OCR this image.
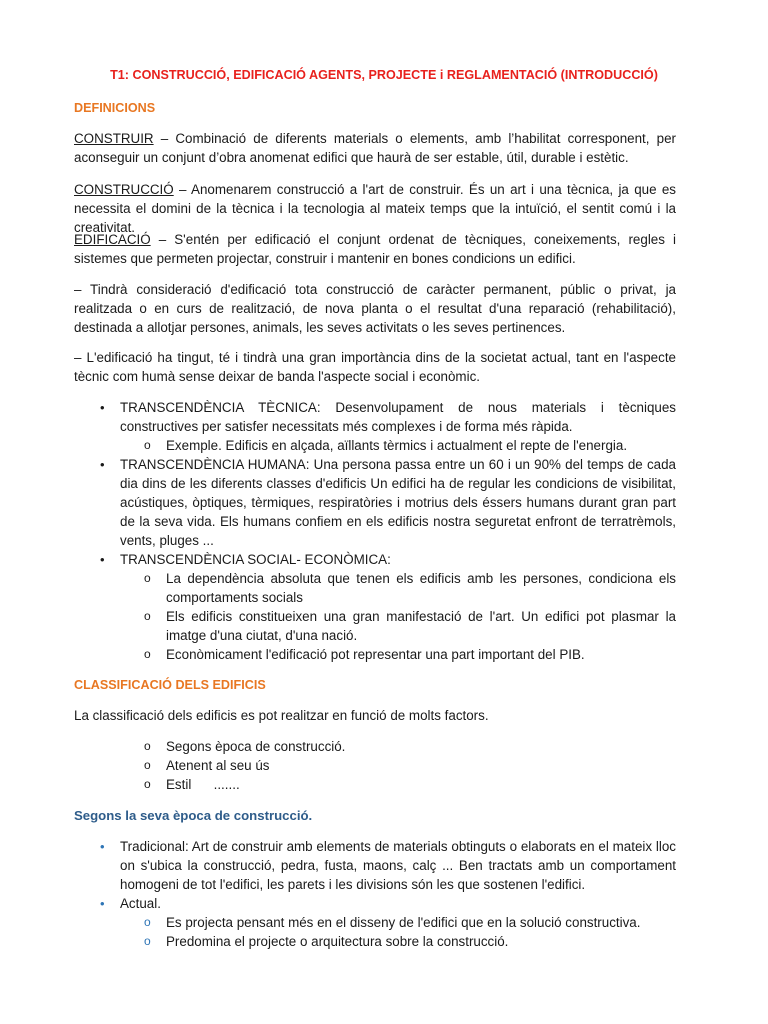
T1: CONSTRUCCIÓ, EDIFICACIÓ AGENTS, PROJECTE i REGLAMENTACIÓ (INTRODUCCIÓ)
DEFINICIONS
CONSTRUIR – Combinació de diferents materials o elements, amb l’habilitat corresponent, per aconseguir un conjunt d’obra anomenat edifici que haurà de ser estable, útil, durable i estètic.
CONSTRUCCIÓ – Anomenarem construcció a l'art de construir. És un art i una tècnica, ja que es necessita el domini de la tècnica i la tecnologia al mateix temps que la intuïció, el sentit comú i la creativitat.
EDIFICACIÓ – S'entén per edificació el conjunt ordenat de tècniques, coneixements, regles i sistemes que permeten projectar, construir i mantenir en bones condicions un edifici.
– Tindrà consideració d'edificació tota construcció de caràcter permanent, públic o privat, ja realitzada o en curs de realització, de nova planta o el resultat d'una reparació (rehabilitació), destinada a allotjar persones, animals, les seves activitats o les seves pertinences.
– L'edificació ha tingut, té i tindrà una gran importància dins de la societat actual, tant en l'aspecte tècnic com humà sense deixar de banda l'aspecte social i econòmic.
• TRANSCENDÈNCIA TÈCNICA: Desenvolupament de nous materials i tècniques constructives per satisfer necessitats més complexes i de forma més ràpida.
o Exemple. Edificis en alçada, aïllants tèrmics i actualment el repte de l'energia.
• TRANSCENDÈNCIA HUMANA: Una persona passa entre un 60 i un 90% del temps de cada dia dins de les diferents classes d'edificis Un edifici ha de regular les condicions de visibilitat, acústiques, òptiques, tèrmiques, respiratòries i motrius dels éssers humans durant gran part de la seva vida. Els humans confiem en els edificis nostra seguretat enfront de terratrèmols, vents, pluges ...
• TRANSCENDÈNCIA SOCIAL- ECONÒMICA:
o La dependència absoluta que tenen els edificis amb les persones, condiciona els comportaments socials
o Els edificis constitueixen una gran manifestació de l'art. Un edifici pot plasmar la imatge d'una ciutat, d'una nació.
o Econòmicament l'edificació pot representar una part important del PIB.
CLASSIFICACIÓ DELS EDIFICIS
La classificació dels edificis es pot realitzar en funció de molts factors.
o Segons època de construcció.
o Atenent al seu ús
o Estil      .......
Segons la seva època de construcció.
• Tradicional: Art de construir amb elements de materials obtinguts o elaborats en el mateix lloc on s'ubica la construcció, pedra, fusta, maons, calç ... Ben tractats amb un comportament homogeni de tot l'edifici, les parets i les divisions són les que sostenen l'edifici.
• Actual.
o Es projecta pensant més en el disseny de l'edifici que en la solució constructiva.
o Predomina el projecte o arquitectura sobre la construcció.
